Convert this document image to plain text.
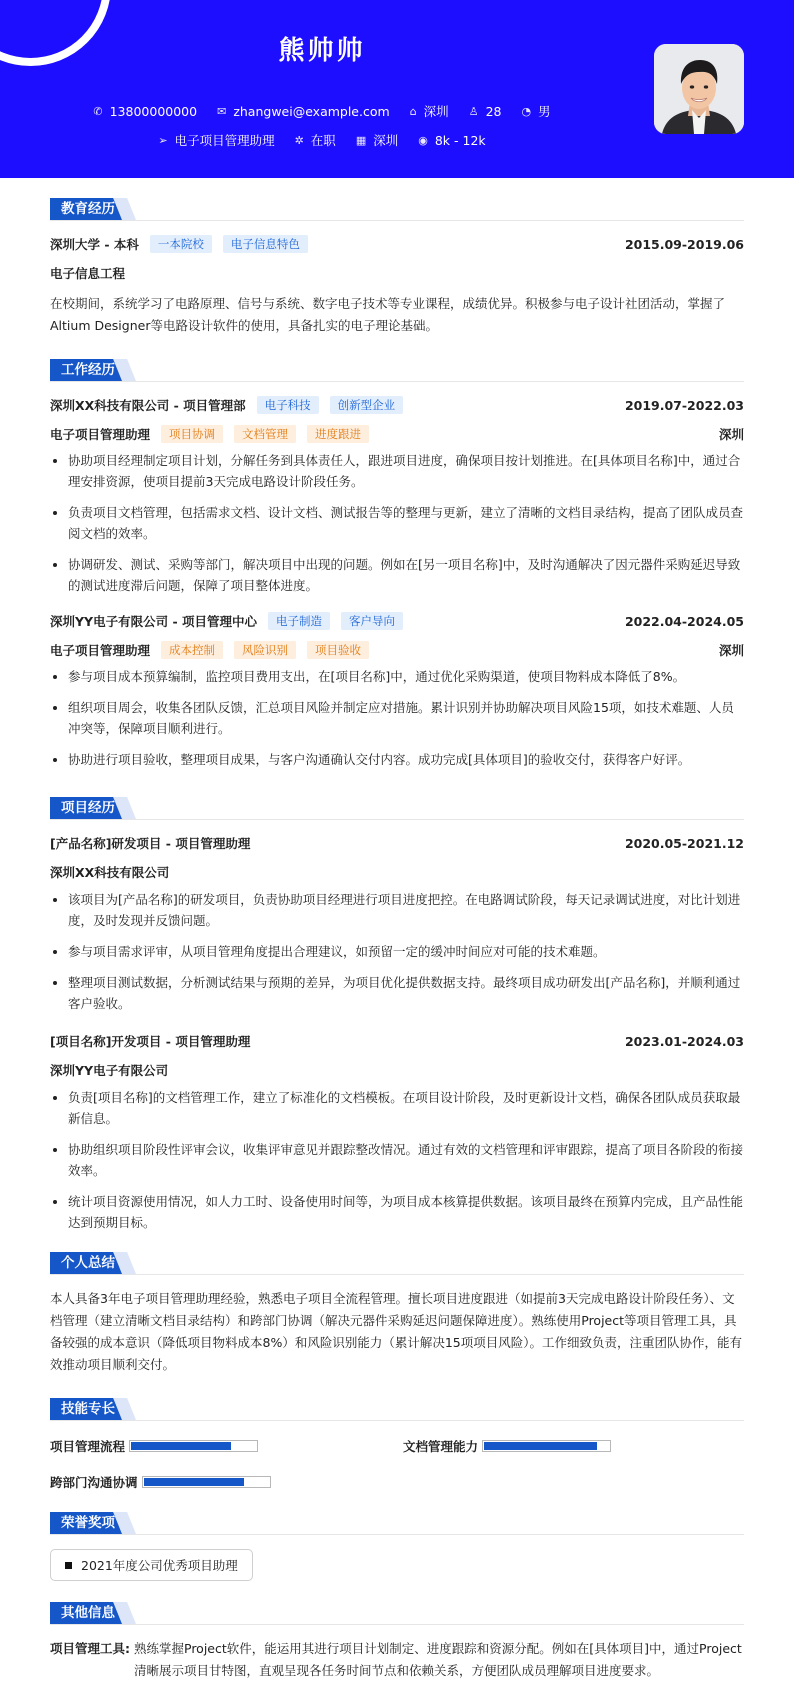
熊帅帅
✆ 13800000000 ✉ zhangwei@example.com ⌂ 深圳 ♙ 28 ◔ 男
➢ 电子项目管理助理 ✲ 在职 ▦ 深圳 ◉ 8k - 12k
教育经历
深圳大学 - 本科 一本院校 电子信息特色	2015.09-2019.06
电子信息工程
在校期间，系统学习了电路原理、信号与系统、数字电子技术等专业课程，成绩优异。积极参与电子设计社团活动，掌握了Altium Designer等电路设计软件的使用，具备扎实的电子理论基础。
工作经历
深圳XX科技有限公司 - 项目管理部 电子科技 创新型企业	2019.07-2022.03
电子项目管理助理 项目协调 文档管理 进度跟进	深圳
协助项目经理制定项目计划，分解任务到具体责任人，跟进项目进度，确保项目按计划推进。在[具体项目名称]中，通过合理安排资源，使项目提前3天完成电路设计阶段任务。
负责项目文档管理，包括需求文档、设计文档、测试报告等的整理与更新，建立了清晰的文档目录结构，提高了团队成员查阅文档的效率。
协调研发、测试、采购等部门，解决项目中出现的问题。例如在[另一项目名称]中，及时沟通解决了因元器件采购延迟导致的测试进度滞后问题，保障了项目整体进度。
深圳YY电子有限公司 - 项目管理中心 电子制造 客户导向	2022.04-2024.05
电子项目管理助理 成本控制 风险识别 项目验收	深圳
参与项目成本预算编制，监控项目费用支出，在[项目名称]中，通过优化采购渠道，使项目物料成本降低了8%。
组织项目周会，收集各团队反馈，汇总项目风险并制定应对措施。累计识别并协助解决项目风险15项，如技术难题、人员冲突等，保障项目顺利进行。
协助进行项目验收，整理项目成果，与客户沟通确认交付内容。成功完成[具体项目]的验收交付，获得客户好评。
项目经历
[产品名称]研发项目 - 项目管理助理	2020.05-2021.12
深圳XX科技有限公司
该项目为[产品名称]的研发项目，负责协助项目经理进行项目进度把控。在电路调试阶段，每天记录调试进度，对比计划进度，及时发现并反馈问题。
参与项目需求评审，从项目管理角度提出合理建议，如预留一定的缓冲时间应对可能的技术难题。
整理项目测试数据，分析测试结果与预期的差异，为项目优化提供数据支持。最终项目成功研发出[产品名称]，并顺利通过客户验收。
[项目名称]开发项目 - 项目管理助理	2023.01-2024.03
深圳YY电子有限公司
负责[项目名称]的文档管理工作，建立了标准化的文档模板。在项目设计阶段，及时更新设计文档，确保各团队成员获取最新信息。
协助组织项目阶段性评审会议，收集评审意见并跟踪整改情况。通过有效的文档管理和评审跟踪，提高了项目各阶段的衔接效率。
统计项目资源使用情况，如人力工时、设备使用时间等，为项目成本核算提供数据。该项目最终在预算内完成，且产品性能达到预期目标。
个人总结
本人具备3年电子项目管理助理经验，熟悉电子项目全流程管理。擅长项目进度跟进（如提前3天完成电路设计阶段任务）、文档管理（建立清晰文档目录结构）和跨部门协调（解决元器件采购延迟问题保障进度）。熟练使用Project等项目管理工具，具备较强的成本意识（降低项目物料成本8%）和风险识别能力（累计解决15项项目风险）。工作细致负责，注重团队协作，能有效推动项目顺利交付。
技能专长
项目管理流程	文档管理能力
跨部门沟通协调
荣誉奖项
2021年度公司优秀项目助理
其他信息
项目管理工具: 熟练掌握Project软件，能运用其进行项目计划制定、进度跟踪和资源分配。例如在[具体项目]中，通过Project清晰展示项目甘特图，直观呈现各任务时间节点和依赖关系，方便团队成员理解项目进度要求。
